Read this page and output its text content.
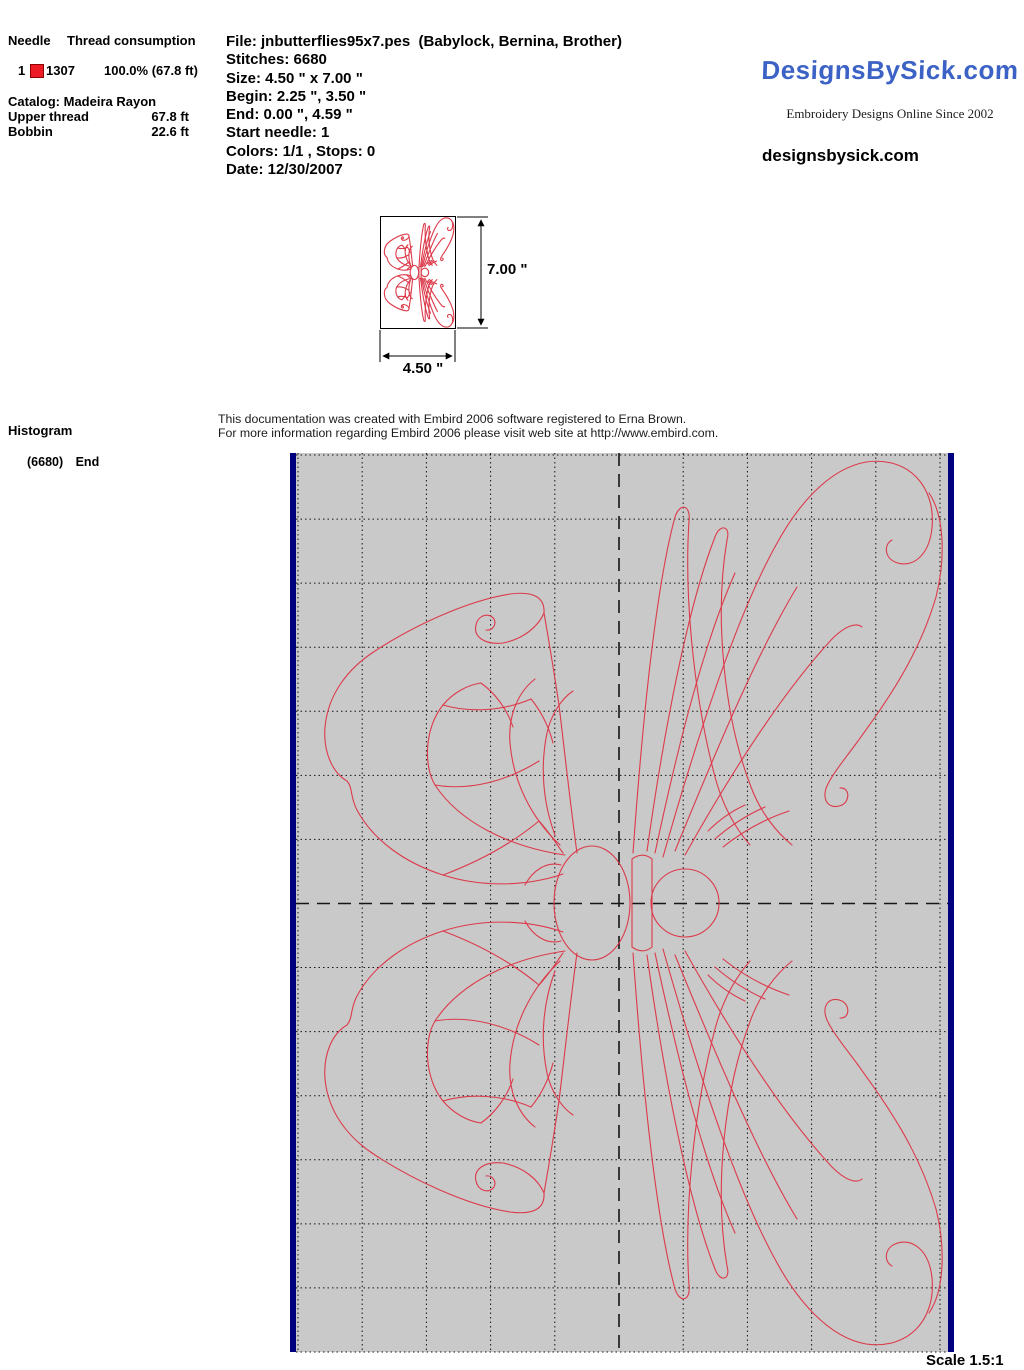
Needle Thread consumption
1 1307 100.0% (67.8 ft)
Catalog: Madeira Rayon
Upper thread	67.8 ft
Bobbin	22.6 ft
File: jnbutterflies95x7.pes  (Babylock, Bernina, Brother)
Stitches: 6680
Size: 4.50 " x 7.00 "
Begin: 2.25 ", 3.50 "
End: 0.00 ", 4.59 "
Start needle: 1
Colors: 1/1 , Stops: 0
Date: 12/30/2007
DesignsBySick.com
Embroidery Designs Online Since 2002
designsbysick.com
7.00 "
4.50 "
This documentation was created with Embird 2006 software registered to Erna Brown.
For more information regarding Embird 2006 please visit web site at http://www.embird.com.
Histogram
(6680) End
Scale 1.5:1
